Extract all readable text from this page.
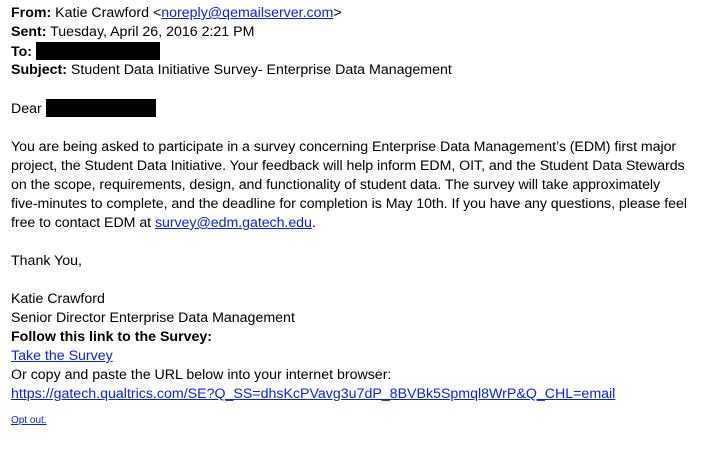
From: Katie Crawford <noreply@qemailserver.com>
Sent: Tuesday, April 26, 2016 2:21 PM
To:
Subject: Student Data Initiative Survey- Enterprise Data Management
Dear
You are being asked to participate in a survey concerning Enterprise Data Management’s (EDM) first major
project, the Student Data Initiative. Your feedback will help inform EDM, OIT, and the Student Data Stewards
on the scope, requirements, design, and functionality of student data. The survey will take approximately
five-minutes to complete, and the deadline for completion is May 10th. If you have any questions, please feel
free to contact EDM at survey@edm.gatech.edu.
Thank You,
Katie Crawford
Senior Director Enterprise Data Management
Follow this link to the Survey:
Take the Survey
Or copy and paste the URL below into your internet browser:
https://gatech.qualtrics.com/SE?Q_SS=dhsKcPVavg3u7dP_8BVBk5Spmql8WrP&Q_CHL=email
Opt out.
